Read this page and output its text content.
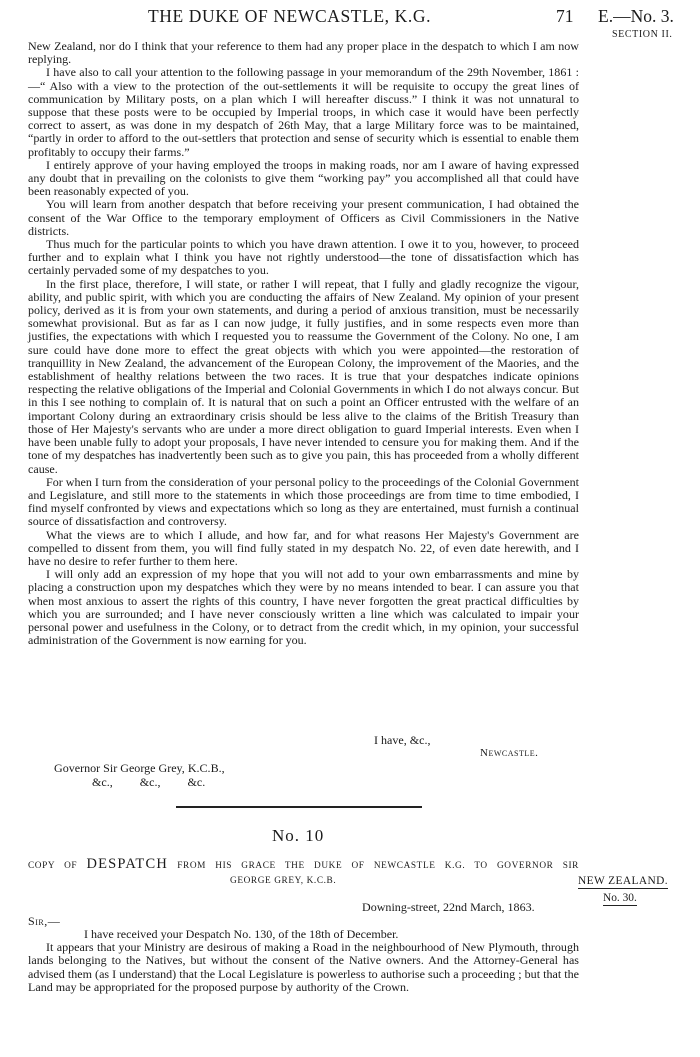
THE DUKE OF NEWCASTLE, K.G.	71 E.—No. 3.
SECTION II.

New Zealand, nor do I think that your reference to them had any proper place in the despatch to which I am now replying.

I have also to call your attention to the following passage in your memorandum of the 29th November, 1861 :—“ Also with a view to the protection of the out-settlements it will be requisite to occupy the great lines of communication by Military posts, on a plan which I will hereafter discuss.” I think it was not unnatural to suppose that these posts were to be occupied by Imperial troops, in which case it would have been perfectly correct to assert, as was done in my despatch of 26th May, that a large Military force was to be maintained, “partly in order to afford to the out-settlers that protection and sense of security which is essential to enable them profitably to occupy their farms.”

I entirely approve of your having employed the troops in making roads, nor am I aware of having expressed any doubt that in prevailing on the colonists to give them “working pay” you accomplished all that could have been reasonably expected of you.

You will learn from another despatch that before receiving your present communication, I had obtained the consent of the War Office to the temporary employment of Officers as Civil Commissioners in the Native districts.

Thus much for the particular points to which you have drawn attention. I owe it to you, however, to proceed further and to explain what I think you have not rightly understood—the tone of dissatisfaction which has certainly pervaded some of my despatches to you.

In the first place, therefore, I will state, or rather I will repeat, that I fully and gladly recognize the vigour, ability, and public spirit, with which you are conducting the affairs of New Zealand. My opinion of your present policy, derived as it is from your own statements, and during a period of anxious transition, must be necessarily somewhat provisional. But as far as I can now judge, it fully justifies, and in some respects even more than justifies, the expectations with which I requested you to reassume the Government of the Colony. No one, I am sure could have done more to effect the great objects with which you were appointed—the restoration of tranquillity in New Zealand, the advancement of the European Colony, the improvement of the Maories, and the establishment of healthy relations between the two races. It is true that your despatches indicate opinions respecting the relative obligations of the Imperial and Colonial Governments in which I do not always concur. But in this I see nothing to complain of. It is natural that on such a point an Officer entrusted with the welfare of an important Colony during an extraordinary crisis should be less alive to the claims of the British Treasury than those of Her Majesty's servants who are under a more direct obligation to guard Imperial interests. Even when I have been unable fully to adopt your proposals, I have never intended to censure you for making them. And if the tone of my despatches has inadvertently been such as to give you pain, this has proceeded from a wholly different cause.

For when I turn from the consideration of your personal policy to the proceedings of the Colonial Government and Legislature, and still more to the statements in which those proceedings are from time to time embodied, I find myself confronted by views and expectations which so long as they are entertained, must furnish a continual source of dissatisfaction and controversy.

What the views are to which I allude, and how far, and for what reasons Her Majesty's Government are compelled to dissent from them, you will find fully stated in my despatch No. 22, of even date herewith, and I have no desire to refer further to them here.

I will only add an expression of my hope that you will not add to your own embarrassments and mine by placing a construction upon my despatches which they were by no means intended to bear. I can assure you that when most anxious to assert the rights of this country, I have never forgotten the great practical difficulties by which you are surrounded; and I have never consciously written a line which was calculated to impair your personal power and usefulness in the Colony, or to detract from the credit which, in my opinion, your successful administration of the Government is now earning for you.

I have, &c.,
Newcastle.
Governor Sir George Grey, K.C.B.,
&c., &c., &c.
No. 10
COPY OF DESPATCH FROM HIS GRACE THE DUKE OF NEWCASTLE K.G. TO GOVERNOR SIR
GEORGE GREY, K.C.B.	NEW ZEALAND.
No. 30.
Downing-street, 22nd March, 1863.
Sir,—

I have received your Despatch No. 130, of the 18th of December.

It appears that your Ministry are desirous of making a Road in the neighbourhood of New Plymouth, through lands belonging to the Natives, but without the consent of the Native owners. And the Attorney-General has advised them (as I understand) that the Local Legislature is powerless to authorise such a proceeding ; but that the Land may be appropriated for the proposed purpose by authority of the Crown.
